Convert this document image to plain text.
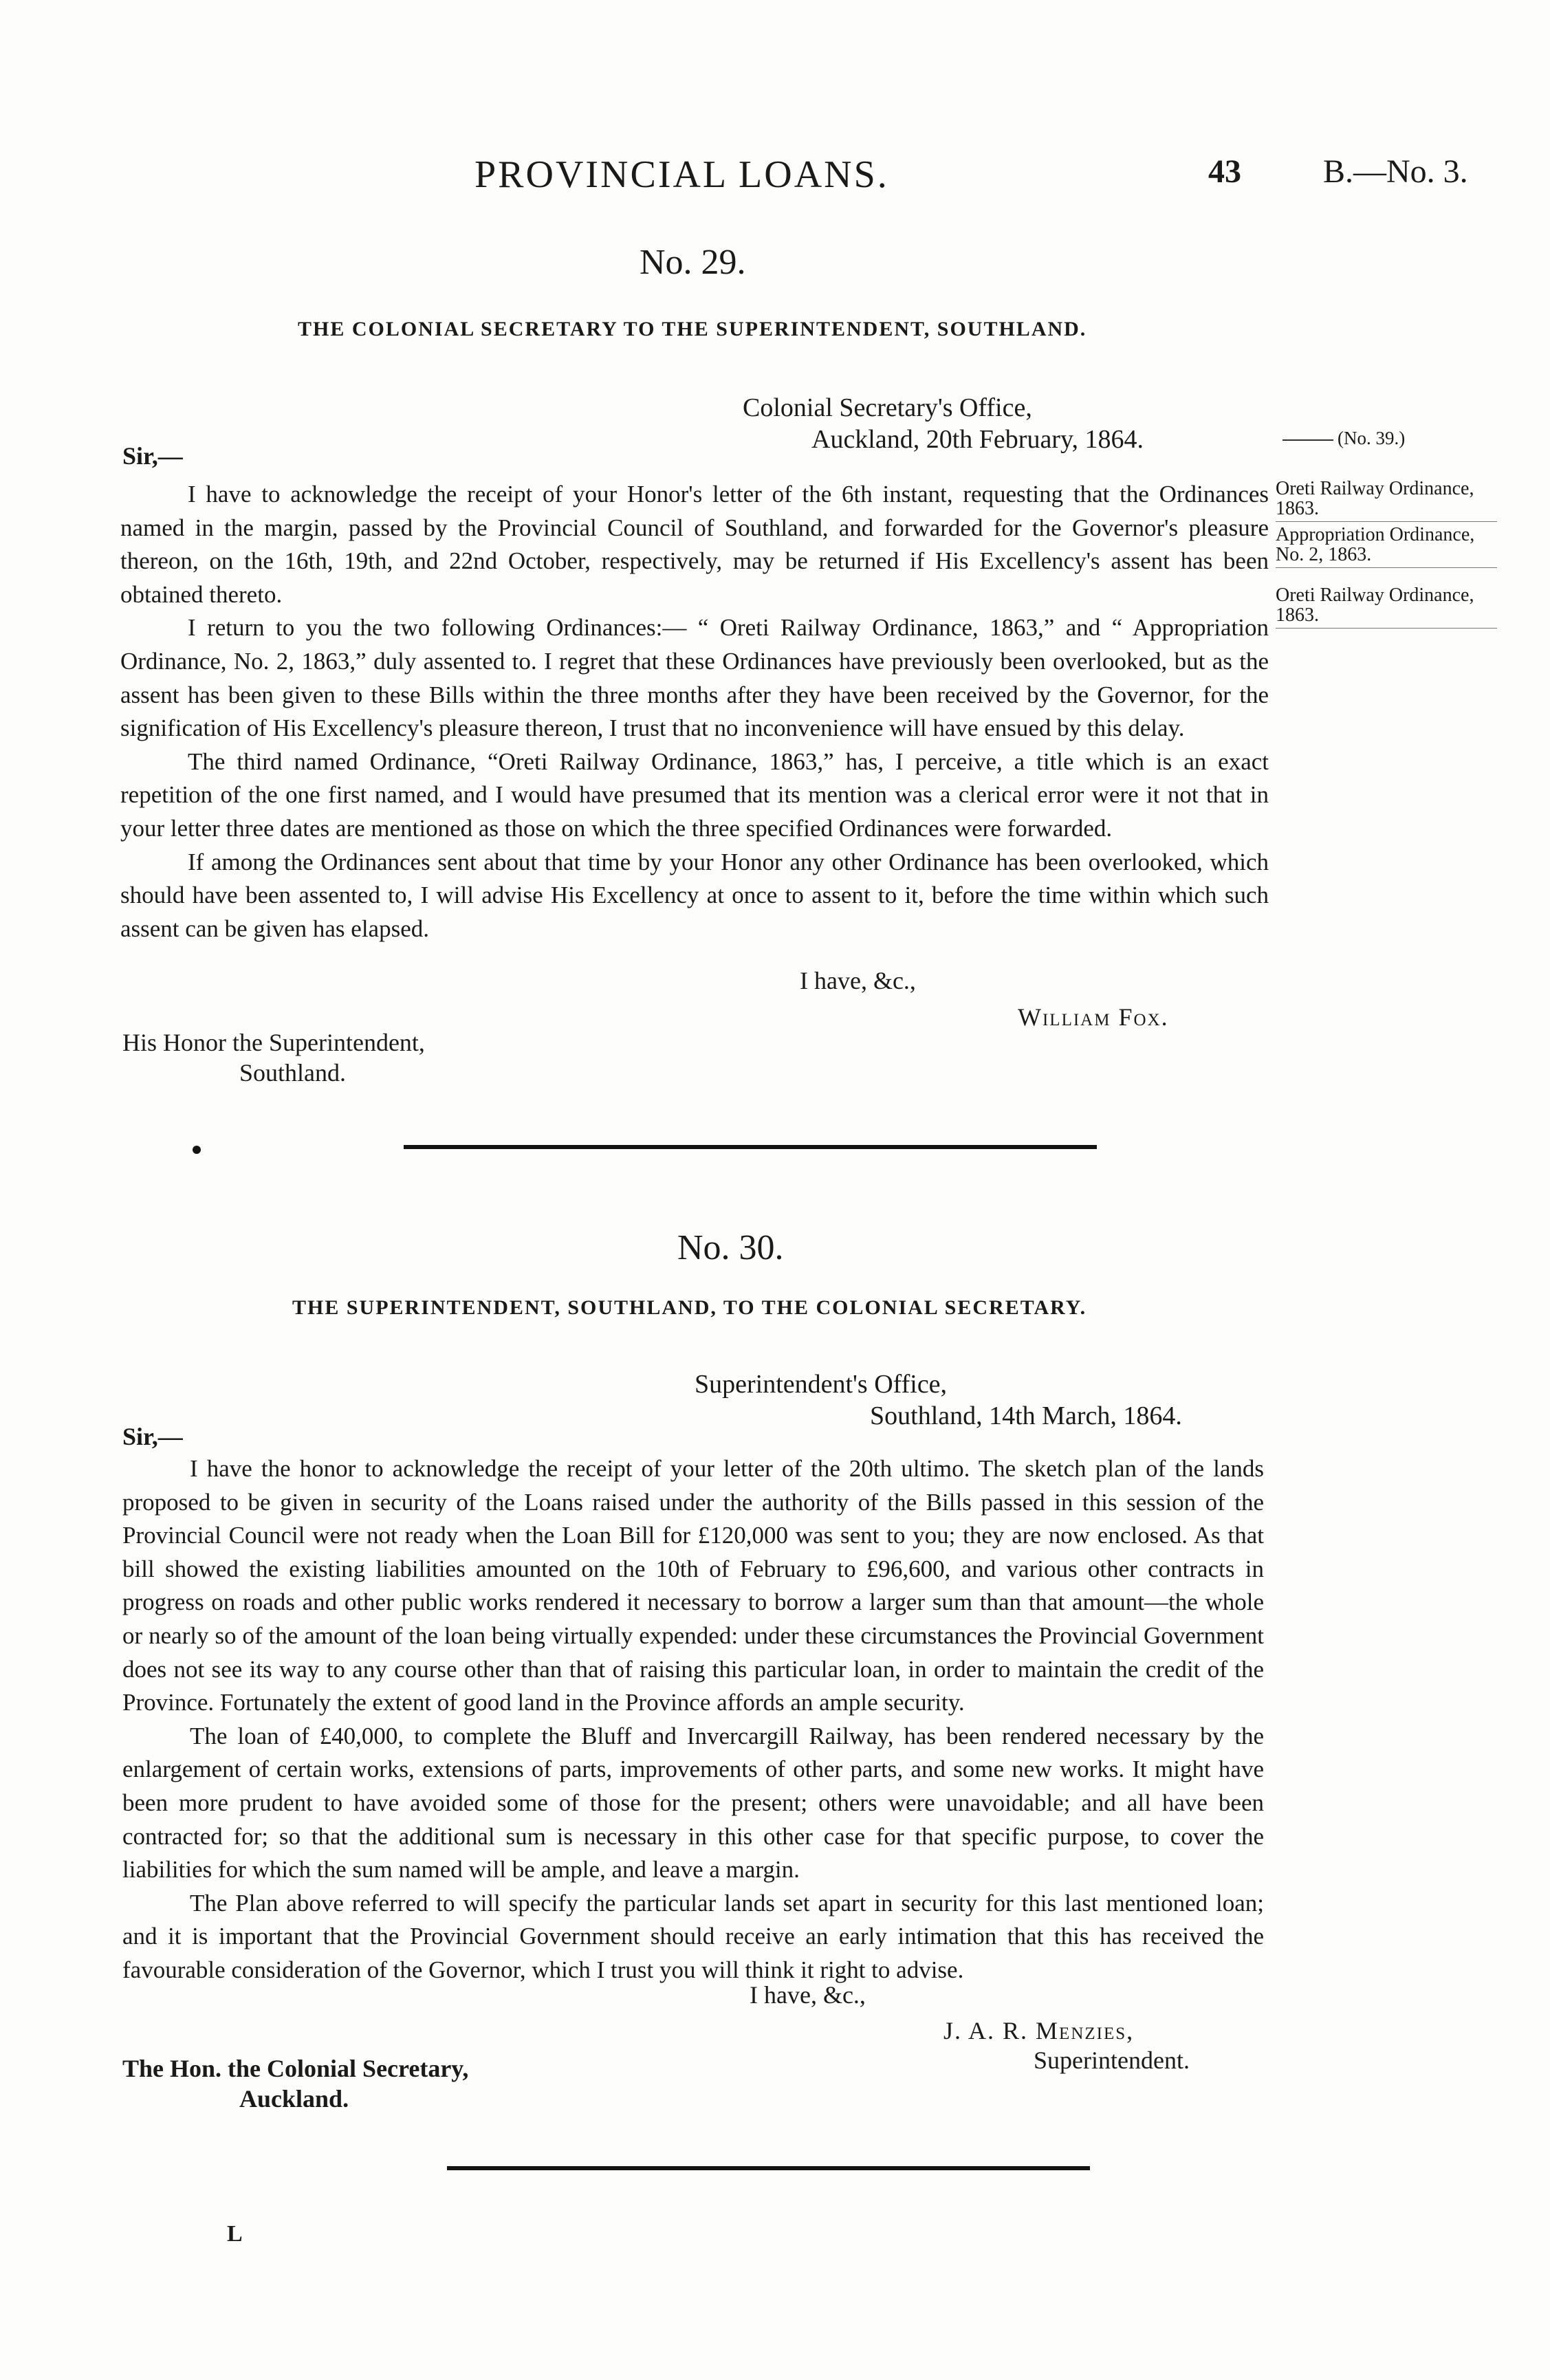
PROVINCIAL LOANS.	43 B.—No. 3.
No. 29.
THE COLONIAL SECRETARY TO THE SUPERINTENDENT, SOUTHLAND.
Colonial Secretary's Office,
Auckland, 20th February, 1864.	(No. 39.)
Sir,—

I have to acknowledge the receipt of your Honor's letter of the 6th instant, requesting that the Ordinances named in the margin, passed by the Provincial Council of Southland, and forwarded for the Governor's pleasure thereon, on the 16th, 19th, and 22nd October, respectively, may be returned if His Excellency's assent has been obtained thereto.

I return to you the two following Ordinances:— “ Oreti Railway Ordinance, 1863,” and “ Appropriation Ordinance, No. 2, 1863,” duly assented to. I regret that these Ordinances have previously been overlooked, but as the assent has been given to these Bills within the three months after they have been received by the Governor, for the signification of His Excellency's pleasure thereon, I trust that no inconvenience will have ensued by this delay.

The third named Ordinance, “Oreti Railway Ordinance, 1863,” has, I perceive, a title which is an exact repetition of the one first named, and I would have presumed that its mention was a clerical error were it not that in your letter three dates are mentioned as those on which the three specified Ordinances were forwarded.

If among the Ordinances sent about that time by your Honor any other Ordinance has been overlooked, which should have been assented to, I will advise His Excellency at once to assent to it, before the time within which such assent can be given has elapsed.

Oreti Railway Ordinance, 1863.
Appropriation Ordinance, No. 2, 1863.
Oreti Railway Ordinance, 1863.
I have, &c.,
William Fox.
His Honor the Superintendent,
Southland.
No. 30.
THE SUPERINTENDENT, SOUTHLAND, TO THE COLONIAL SECRETARY.
Superintendent's Office,
Southland, 14th March, 1864.
Sir,—

I have the honor to acknowledge the receipt of your letter of the 20th ultimo. The sketch plan of the lands proposed to be given in security of the Loans raised under the authority of the Bills passed in this session of the Provincial Council were not ready when the Loan Bill for £120,000 was sent to you; they are now enclosed. As that bill showed the existing liabilities amounted on the 10th of February to £96,600, and various other contracts in progress on roads and other public works rendered it necessary to borrow a larger sum than that amount—the whole or nearly so of the amount of the loan being virtually expended: under these circumstances the Provincial Government does not see its way to any course other than that of raising this particular loan, in order to maintain the credit of the Province. Fortunately the extent of good land in the Province affords an ample security.

The loan of £40,000, to complete the Bluff and Invercargill Railway, has been rendered necessary by the enlargement of certain works, extensions of parts, improvements of other parts, and some new works. It might have been more prudent to have avoided some of those for the present; others were unavoidable; and all have been contracted for; so that the additional sum is necessary in this other case for that specific purpose, to cover the liabilities for which the sum named will be ample, and leave a margin.

The Plan above referred to will specify the particular lands set apart in security for this last mentioned loan; and it is important that the Provincial Government should receive an early intimation that this has received the favourable consideration of the Governor, which I trust you will think it right to advise.

I have, &c.,
J. A. R. Menzies,
Superintendent.
The Hon. the Colonial Secretary,
Auckland.
L
